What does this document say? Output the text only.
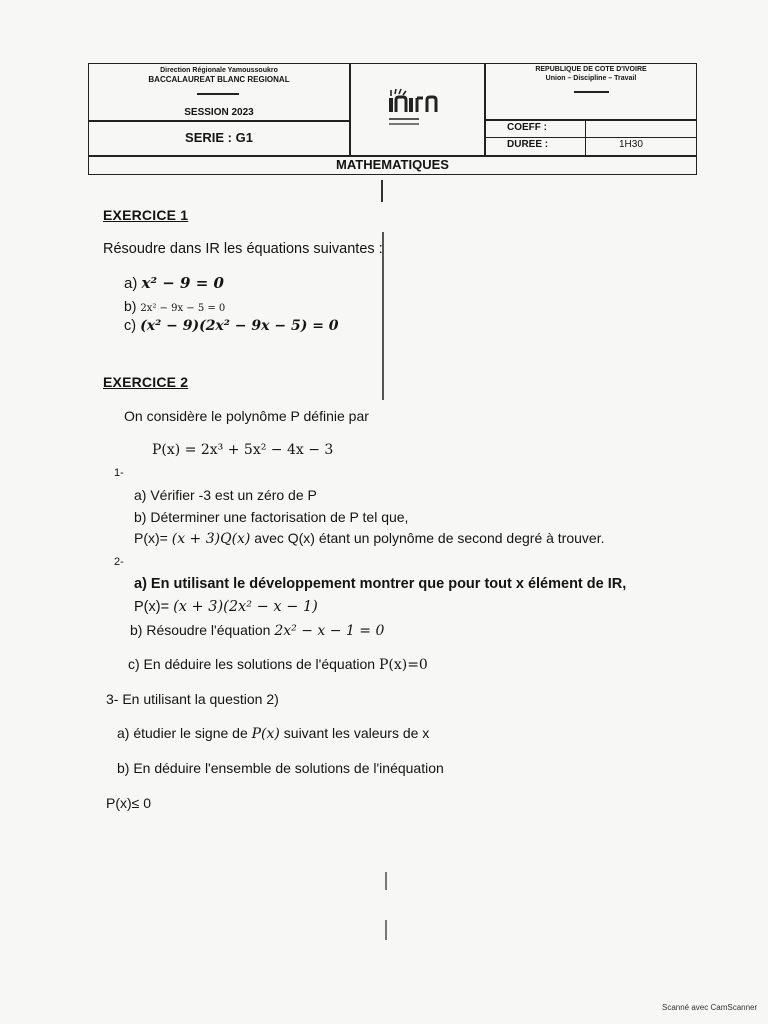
Direction Régionale Yamoussoukro
BACCALAUREAT BLANC REGIONAL
SESSION 2023
SERIE : G1
REPUBLIQUE DE COTE D'IVOIRE
Union – Discipline – Travail
COEFF :
DUREE :	1H30
MATHEMATIQUES
EXERCICE 1
Résoudre dans IR les équations suivantes :
a) x² − 9 = 0
b) 2x² − 9x − 5 = 0
c) (x² − 9)(2x² − 9x − 5) = 0
EXERCICE 2
On considère le polynôme P définie par
P(x) = 2x³ + 5x² − 4x − 3
1-
a) Vérifier -3 est un zéro de P
b) Déterminer une factorisation de P tel que,
P(x)= (x + 3)Q(x) avec Q(x) étant un polynôme de second degré à trouver.
2-
a) En utilisant le développement montrer que pour tout x élément de IR,
P(x)= (x + 3)(2x² − x − 1)
b) Résoudre l'équation 2x² − x − 1 = 0
c) En déduire les solutions de l'équation P(x)=0
3- En utilisant la question 2)
a) étudier le signe de P(x) suivant les valeurs de x
b) En déduire l'ensemble de solutions de l'inéquation
P(x)≤ 0
Scanné avec CamScanner
